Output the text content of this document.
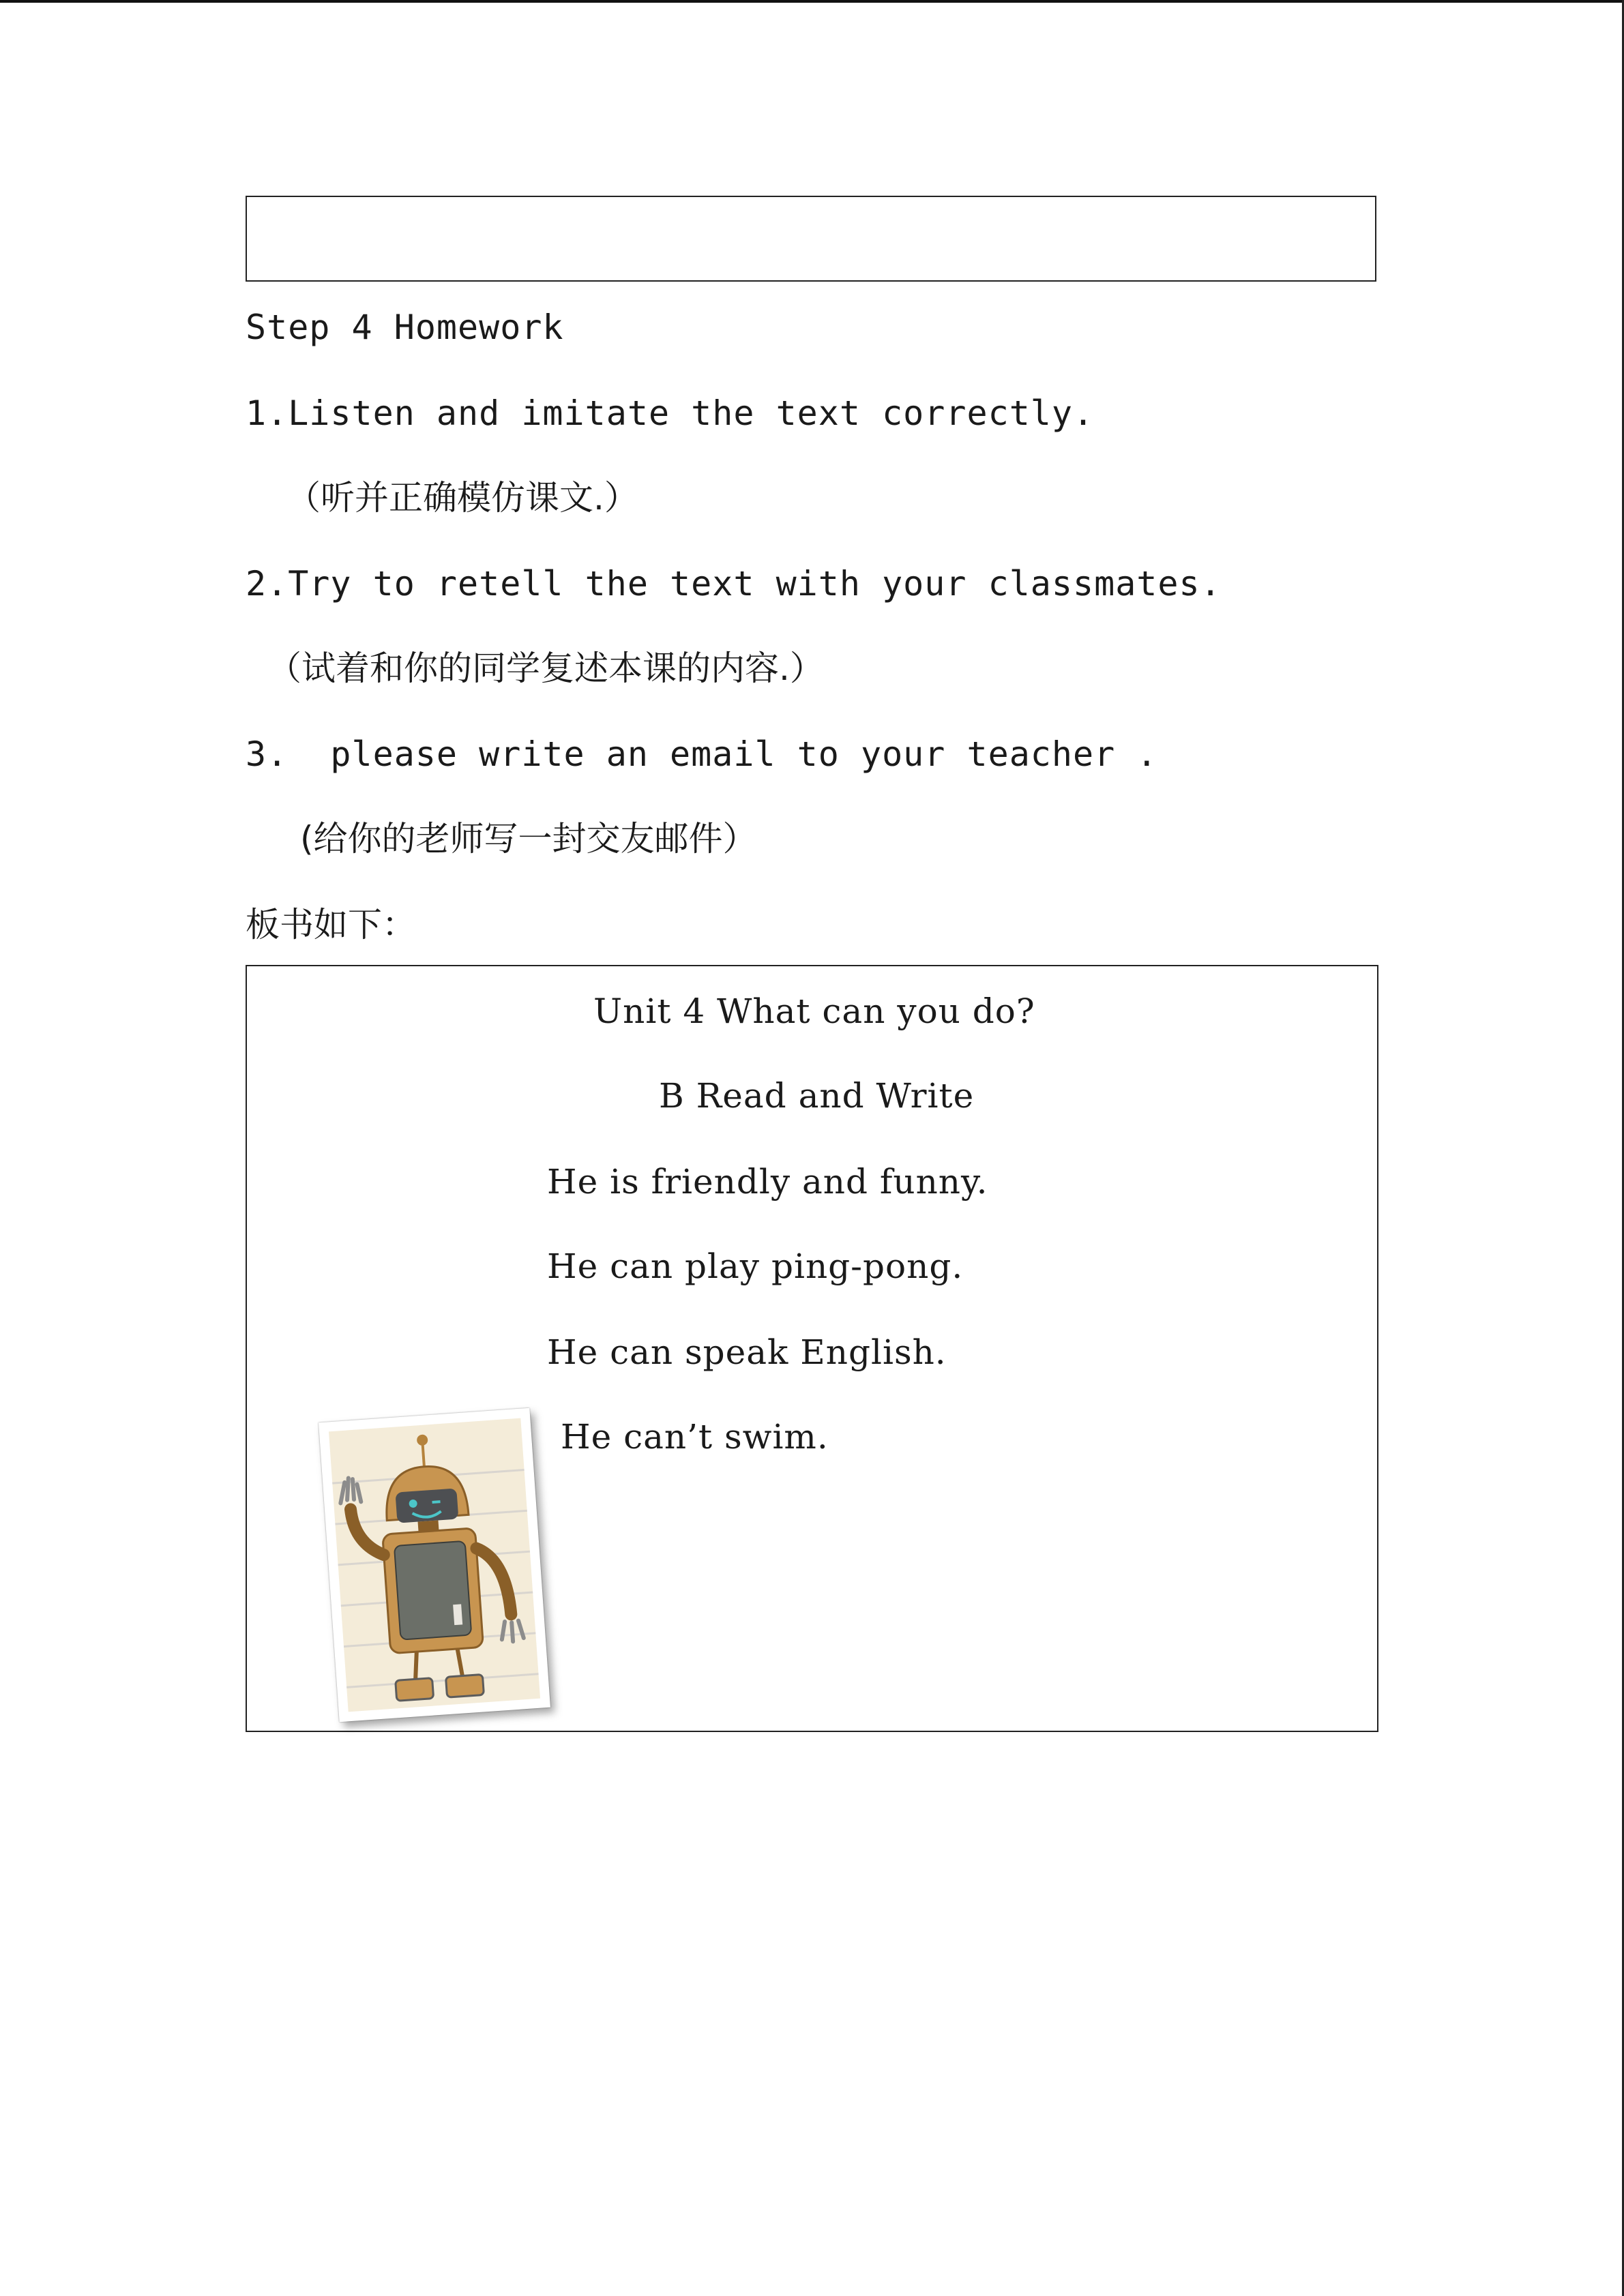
Step 4 Homework
1.Listen and imitate the text correctly.
（听并正确模仿课文.）
2.Try to retell the text with your classmates.
（试着和你的同学复述本课的内容.）
3.  please write an email to your teacher .
(给你的老师写一封交友邮件）
板书如下：
Unit 4 What can you do?
B Read and Write
He is friendly and funny.
He can play ping-pong.
He can speak English.
He can’t swim.
